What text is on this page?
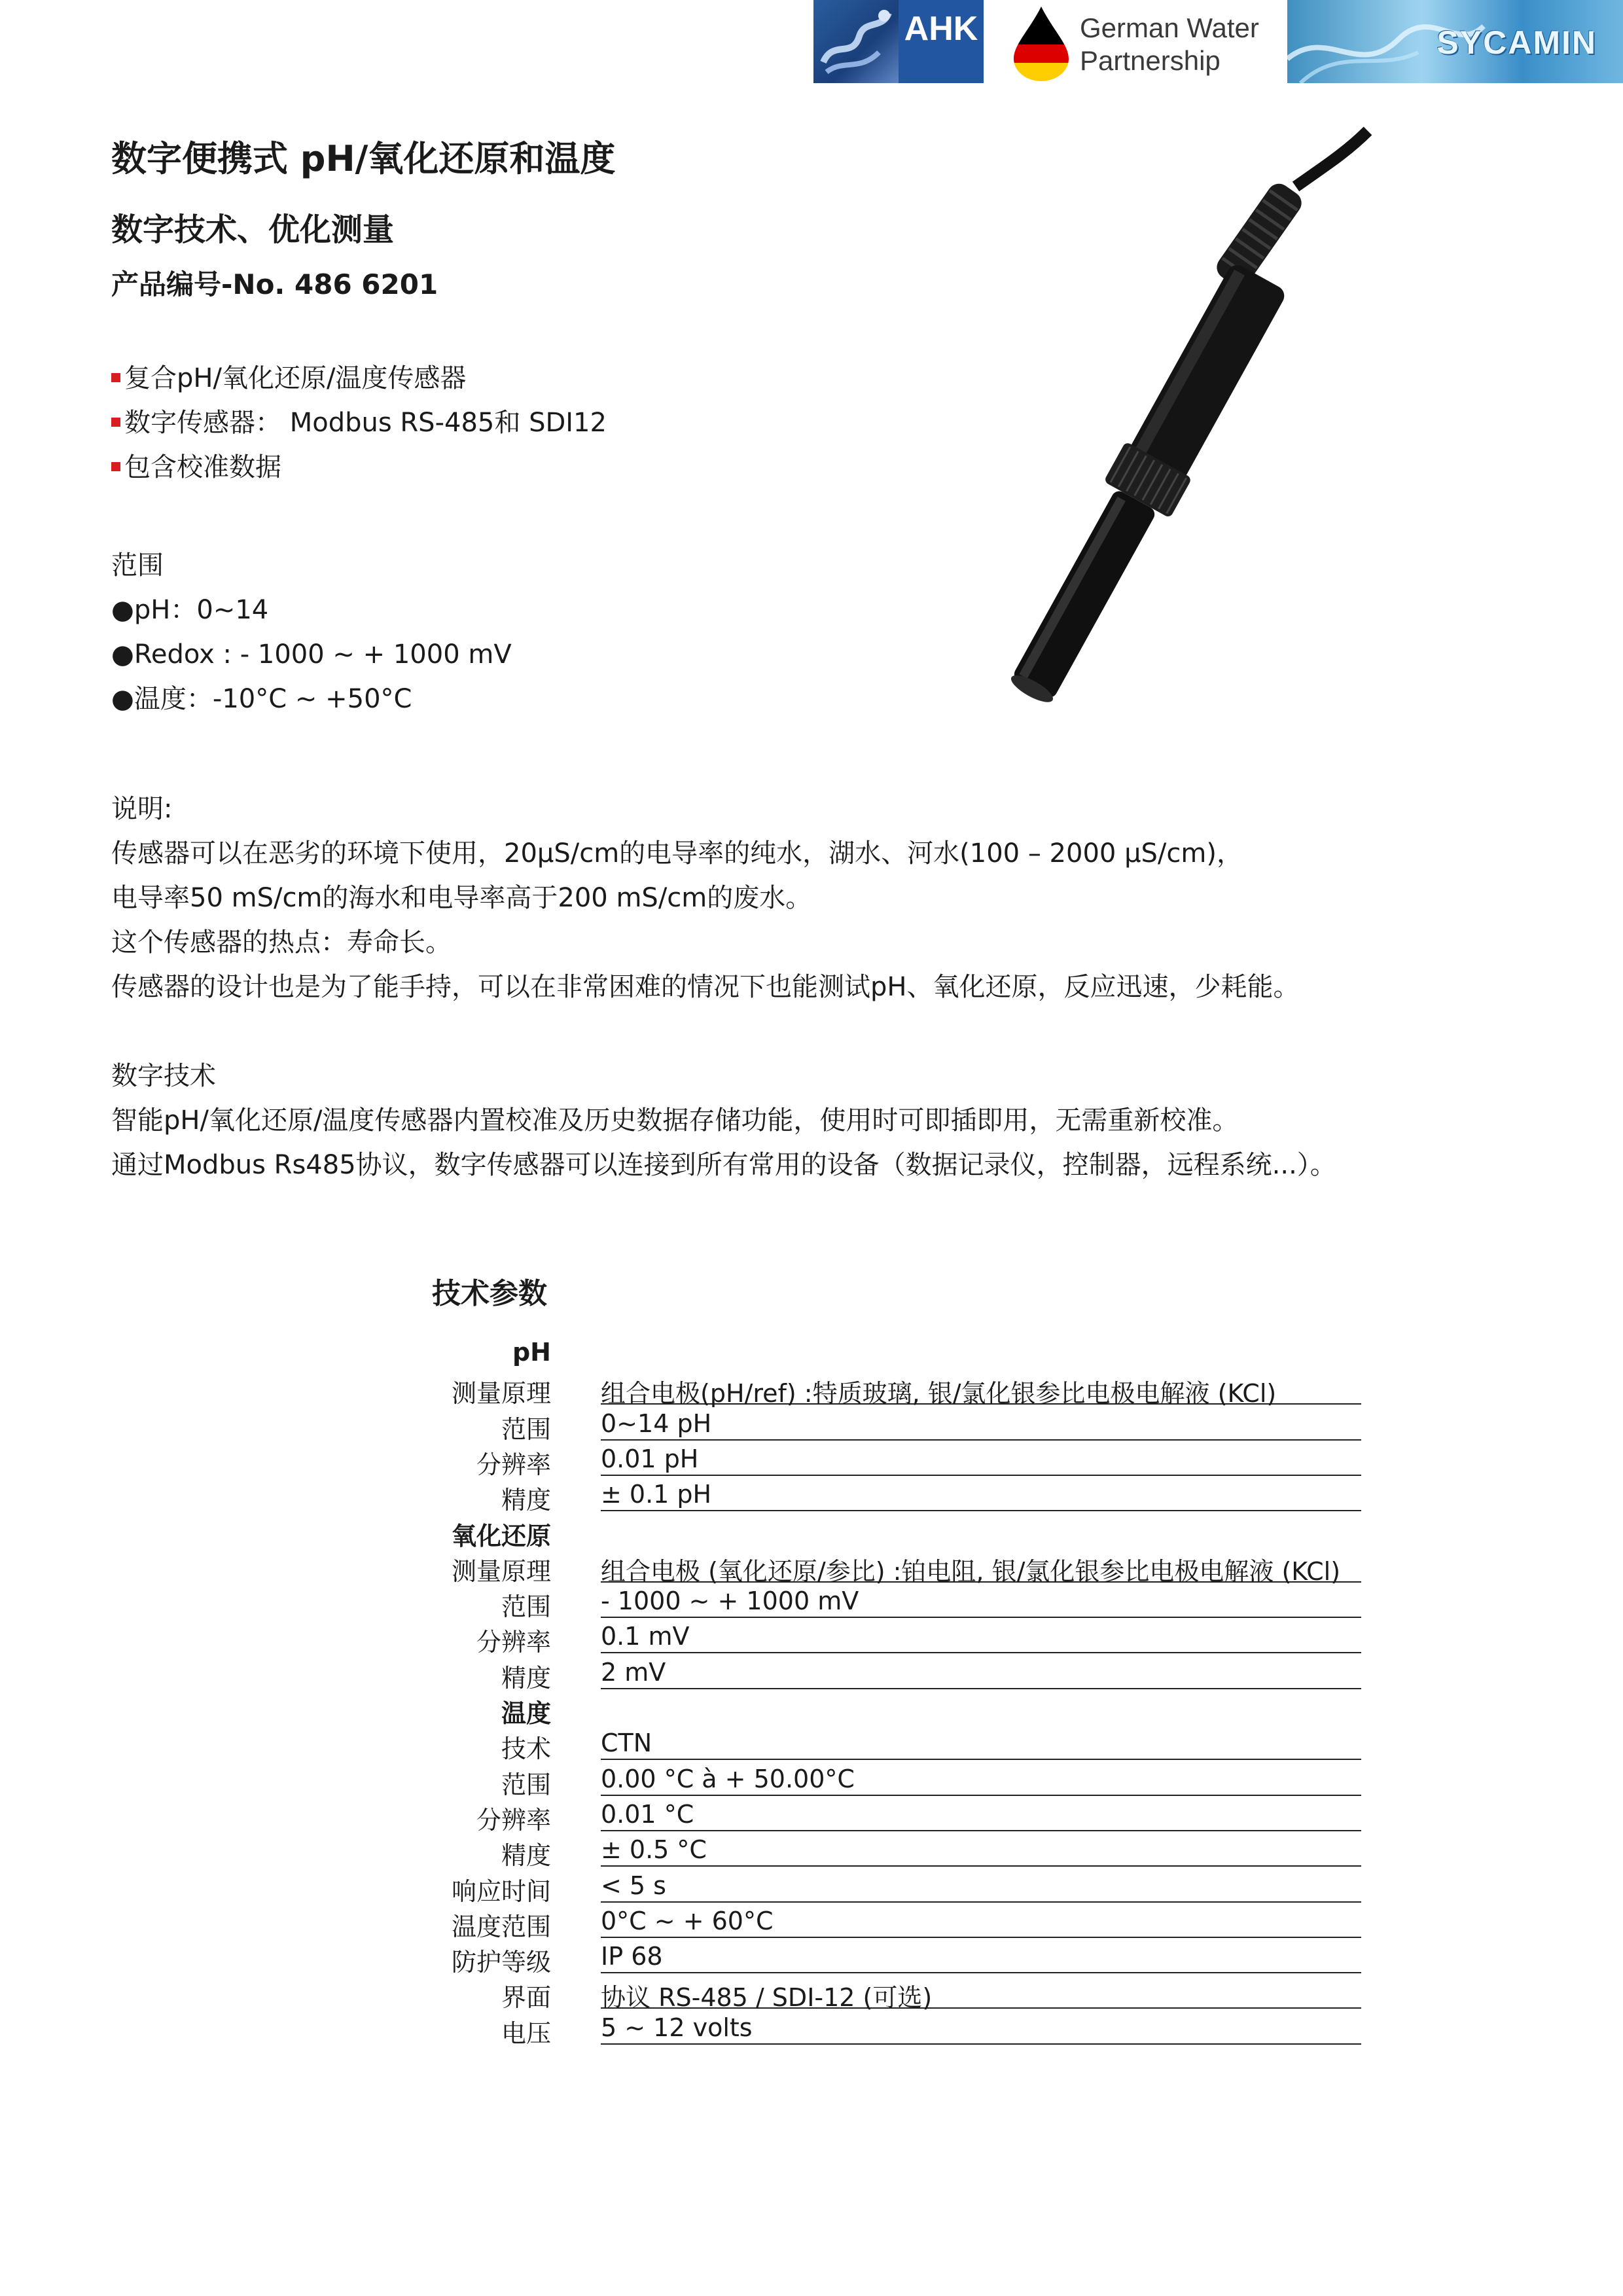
AHK	German Water
Partnership	SYCAMIN
数字便携式 pH/氧化还原和温度
数字技术、优化测量
产品编号-No. 486 6201
复合pH/氧化还原/温度传感器
数字传感器： Modbus RS-485和 SDI12
包含校准数据
范围
●pH：0~14
●Redox : - 1000 ~ + 1000 mV
●温度：-10°C ~ +50°C
说明:
传感器可以在恶劣的环境下使用，20μS/cm的电导率的纯水，湖水、河水(100 – 2000 μS/cm)，
电导率50 mS/cm的海水和电导率高于200 mS/cm的废水。
这个传感器的热点：寿命长。
传感器的设计也是为了能手持，可以在非常困难的情况下也能测试pH、氧化还原，反应迅速，少耗能。
数字技术
智能pH/氧化还原/温度传感器内置校准及历史数据存储功能，使用时可即插即用，无需重新校准。
通过Modbus Rs485协议，数字传感器可以连接到所有常用的设备（数据记录仪，控制器，远程系统...）。
技术参数
pH
测量原理 组合电极(pH/ref) :特质玻璃, 银/氯化银参比电极电解液 (KCl)
范围 0~14 pH
分辨率 0.01 pH
精度 ± 0.1 pH
氧化还原
测量原理 组合电极 (氧化还原/参比) :铂电阻, 银/氯化银参比电极电解液 (KCl)
范围 - 1000 ~ + 1000 mV
分辨率 0.1 mV
精度 2 mV
温度
技术 CTN
范围 0.00 °C à + 50.00°C
分辨率 0.01 °C
精度 ± 0.5 °C
响应时间 < 5 s
温度范围 0°C ~ + 60°C
防护等级 IP 68
界面 协议 RS-485 / SDI-12 (可选)
电压 5 ~ 12 volts
